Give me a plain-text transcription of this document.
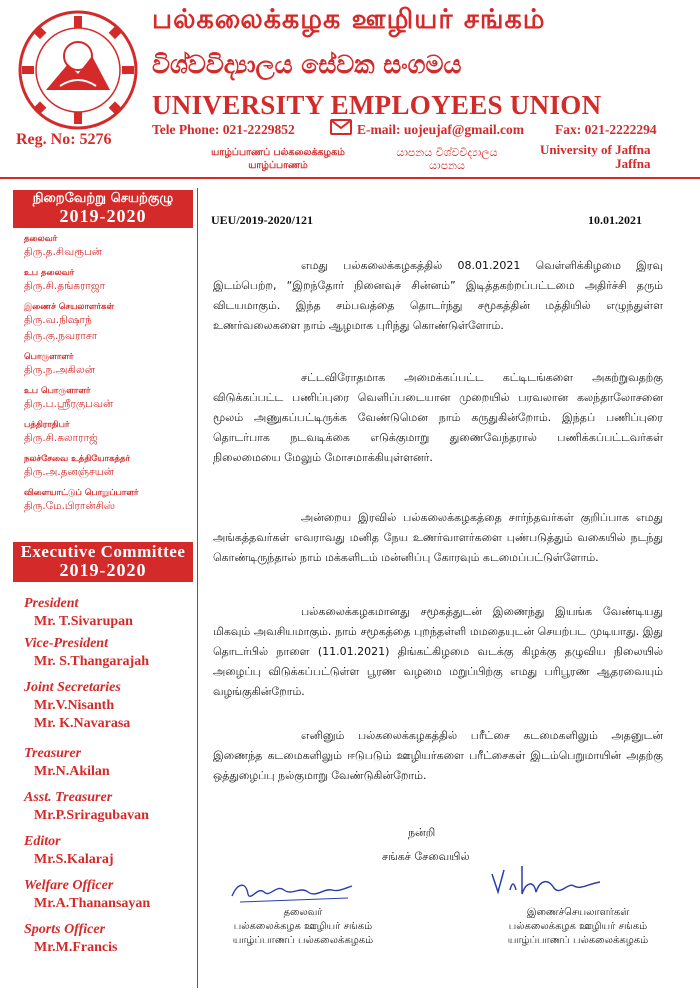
பல்கலைக்கழக ஊழியர் சங்கம்
විශ්වවිද්‍යාලය සේවක සංගමය
UNIVERSITY EMPLOYEES UNION
Reg. No: 5276
Tele Phone: 021-2229852	E-mail: uojeujaf@gmail.com Fax: 021-2222294
யாழ்ப்பாணப் பல்கலைக்கழகம்
யாழ்ப்பாணம்
යාපනය විශ්වවිද්‍යාලය
යාපනය
University of Jaffna
Jaffna
நிறைவேற்று செயற்குழு
2019-2020
தலைவர்
திரு.த.சிவரூபன்
உப தலைவர்
திரு.சி.தங்கராஜா
இணைச் செயலாளர்கள்
திரு.வ.நிஷாந்
திரு.கு.நவராசா
பொருளாளர்
திரு.ந.அகிலன்
உப பொருளாளர்
திரு.ப.ஸ்ரீரகுபவன்
பத்திராதிபர்
திரு.சி.கலாராஜ்
நலச்சேவை உத்தியோகத்தர்
திரு.அ.தனஞ்சயன்
விளையாட்டுப் பொறுப்பாளர்
திரு.மே.பிரான்சிஸ்
Executive Committee
2019-2020
President
Mr. T.Sivarupan
Vice-President
Mr. S.Thangarajah
Joint Secretaries
Mr.V.Nisanth
Mr. K.Navarasa
Treasurer
Mr.N.Akilan
Asst. Treasurer
Mr.P.Sriragubavan
Editor
Mr.S.Kalaraj
Welfare Officer
Mr.A.Thanansayan
Sports Officer
Mr.M.Francis
UEU/2019-2020/121	10.01.2021
எமது பல்கலைக்கழகத்தில் 08.01.2021 வெள்ளிக்கிழமை இரவு இடம்பெற்ற, “இறந்தோர் நினைவுச் சின்னம்” இடித்தகற்றப்பட்டமை அதிர்ச்சி தரும் விடயமாகும். இந்த சம்பவத்தை தொடர்ந்து சமூகத்தின் மத்தியில் எழுந்துள்ள உணர்வலைகளை நாம் ஆழமாக புரிந்து கொண்டுள்ளோம்.
சட்டவிரோதமாக அமைக்கப்பட்ட கட்டிடங்களை அகற்றுவதற்கு விடுக்கப்பட்ட பணிப்புரை வெளிப்படையான முறையில் பரவலான கலந்தாலோசனை மூலம் அணுகப்பட்டிருக்க வேண்டுமென நாம் கருதுகின்றோம். இந்தப் பணிப்புரை தொடர்பாக நடவடிக்கை எடுக்குமாறு துணைவேந்தரால் பணிக்கப்பட்டவர்கள் நிலைமையை மேலும் மோசமாக்கியுள்ளனர்.
அன்றைய இரவில் பல்கலைக்கழகத்தை சார்ந்தவர்கள் குறிப்பாக எமது அங்கத்தவர்கள் எவராவது மனித நேய உணர்வாளர்களை புண்படுத்தும் வகையில் நடந்து கொண்டிருந்தால் நாம் மக்களிடம் மன்னிப்பு கோரவும் கடமைப்பட்டுள்ளோம்.
பல்கலைக்கழகமானது சமூகத்துடன் இணைந்து இயங்க வேண்டியது மிகவும் அவசியமாகும். நாம் சமூகத்தை புறந்தள்ளி மமதையுடன் செயற்பட முடியாது. இது தொடர்பில் நாளை (11.01.2021) திங்கட்கிழமை வடக்கு கிழக்கு தழுவிய நிலையில் அழைப்பு விடுக்கப்பட்டுள்ள பூரண வழமை மறுப்பிற்கு எமது பரிபூரண ஆதரவையும் வழங்குகின்றோம்.
எனினும் பல்கலைக்கழகத்தில் பரீட்சை கடமைகளிலும் அதனுடன் இணைந்த கடமைகளிலும் ஈடுபடும் ஊழியர்களை பரீட்சைகள் இடம்பெறுமாயின் அதற்கு ஒத்துழைப்பு நல்குமாறு வேண்டுகின்றோம்.
நன்றி
சங்கச் சேவையில்
தலைவர்
பல்கலைக்கழக ஊழியர் சங்கம்
யாழ்ப்பாணப் பல்கலைக்கழகம்
இணைச்செயலாளர்கள்
பல்கலைக்கழக ஊழியர் சங்கம்
யாழ்ப்பாணப் பல்கலைக்கழகம்
